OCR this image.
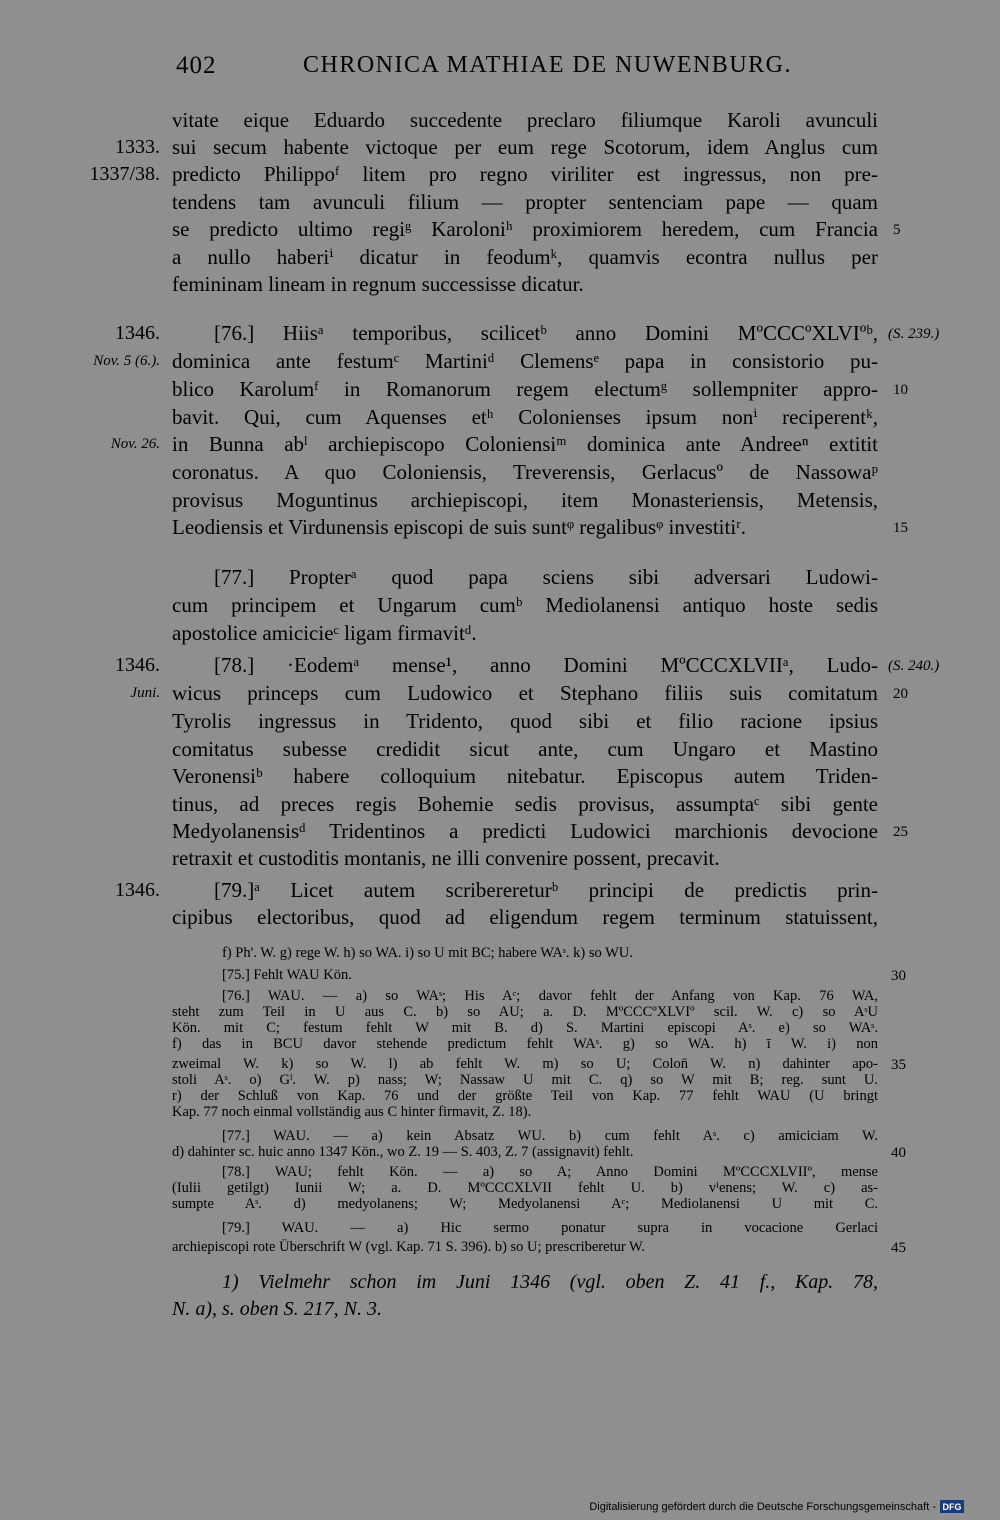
402	CHRONICA MATHIAE DE NUWENBURG.
vitate eique Eduardo succedente preclaro filiumque Karoli avunculi
sui secum habente victoque per eum rege Scotorum, idem Anglus cum
1333.
predicto Philippoᶠ litem pro regno viriliter est ingressus, non pre-
1337/38.
tendens tam avunculi filium — propter sentenciam pape — quam
se predicto ultimo regiᵍ Karoloniʰ proximiorem heredem, cum Francia 5
a nullo haberiⁱ dicatur in feodumᵏ, quamvis econtra nullus per
femininam lineam in regnum successisse dicatur.
[76.] Hiisᵃ temporibus, scilicetᵇ anno Domini MºCCCºXLVIºᵇ,
1346.	(S. 239.)
dominica ante festumᶜ Martiniᵈ Clemensᵉ papa in consistorio pu-
Nov. 5 (6.).
blico Karolumᶠ in Romanorum regem electumᵍ sollempniter appro- 10
bavit. Qui, cum Aquenses etʰ Colonienses ipsum nonⁱ reciperentᵏ,
in Bunna abˡ archiepiscopo Coloniensiᵐ dominica ante Andreeⁿ extitit
Nov. 26.
coronatus. A quo Coloniensis, Treverensis, Gerlacusº de Nassowaᵖ
provisus Moguntinus archiepiscopi, item Monasteriensis, Metensis,
Leodiensis et Virdunensis episcopi de suis suntᵠ regalibusᵠ investitiʳ.	15
[77.] Propterᵃ quod papa sciens sibi adversari Ludowi-
cum principem et Ungarum cumᵇ Mediolanensi antiquo hoste sedis
apostolice amicicieᶜ ligam firmavitᵈ.
[78.] ·Eodemᵃ mense¹, anno Domini MºCCCXLVIIᵃ, Ludo-
1346.	(S. 240.)
wicus princeps cum Ludowico et Stephano filiis suis comitatum
Juni.	20
Tyrolis ingressus in Tridento, quod sibi et filio racione ipsius
comitatus subesse credidit sicut ante, cum Ungaro et Mastino
Veronensiᵇ habere colloquium nitebatur. Episcopus autem Triden-
tinus, ad preces regis Bohemie sedis provisus, assumptaᶜ sibi gente
Medyolanensisᵈ Tridentinos a predicti Ludowici marchionis devocione 25
retraxit et custoditis montanis, ne illi convenire possent, precavit.
[79.]ᵃ Licet autem scriberereturᵇ principi de predictis prin-
1346.
cipibus electoribus, quod ad eligendum regem terminum statuissent,
f) Ph'. W. g) rege W. h) so WA. i) so U mit BC; habere WAˢ. k) so WU.
[75.] Fehlt WAU Kön.	30
[76.] WAU. — a) so WAˢ; His Aᶜ; davor fehlt der Anfang von Kap. 76 WA,
steht zum Teil in U aus C. b) so AU; a. D. MºCCCºXLVIº scil. W. c) so AˢU
Kön. mit C; festum fehlt W mit B. d) S. Martini episcopi Aˢ. e) so WAˢ.
f) das in BCU davor stehende predictum fehlt WAˢ. g) so WA. h) ī W. i) non
zweimal W. k) so W. l) ab fehlt W. m) so U; Colon̄ W. n) dahinter apo- 35
stoli Aˢ. o) Gˡ. W. p) nass; W; Nassaw U mit C. q) so W mit B; reg. sunt U.
r) der Schluß von Kap. 76 und der größte Teil von Kap. 77 fehlt WAU (U bringt
Kap. 77 noch einmal vollständig aus C hinter firmavit, Z. 18).
[77.] WAU. — a) kein Absatz WU. b) cum fehlt Aˢ. c) amiciciam W.
d) dahinter sc. huic anno 1347 Kön., wo Z. 19 — S. 403, Z. 7 (assignavit) fehlt.	40
[78.] WAU; fehlt Kön. — a) so A; Anno Domini MºCCCXLVIIº, mense
(Iulii getilgt) Iunii W; a. D. MºCCCXLVII fehlt U. b) vⁱenens; W. c) as-
sumpte Aˢ. d) medyolanens; W; Medyolanensi Aᶜ; Mediolanensi U mit C.
[79.] WAU. — a) Hic sermo ponatur supra in vocacione Gerlaci
archiepiscopi rote Überschrift W (vgl. Kap. 71 S. 396). b) so U; prescriberetur W.	45
1) Vielmehr schon im Juni 1346 (vgl. oben Z. 41 f., Kap. 78,
N. a), s. oben S. 217, N. 3.
Digitalisierung gefördert durch die Deutsche Forschungsgemeinschaft - DFG
